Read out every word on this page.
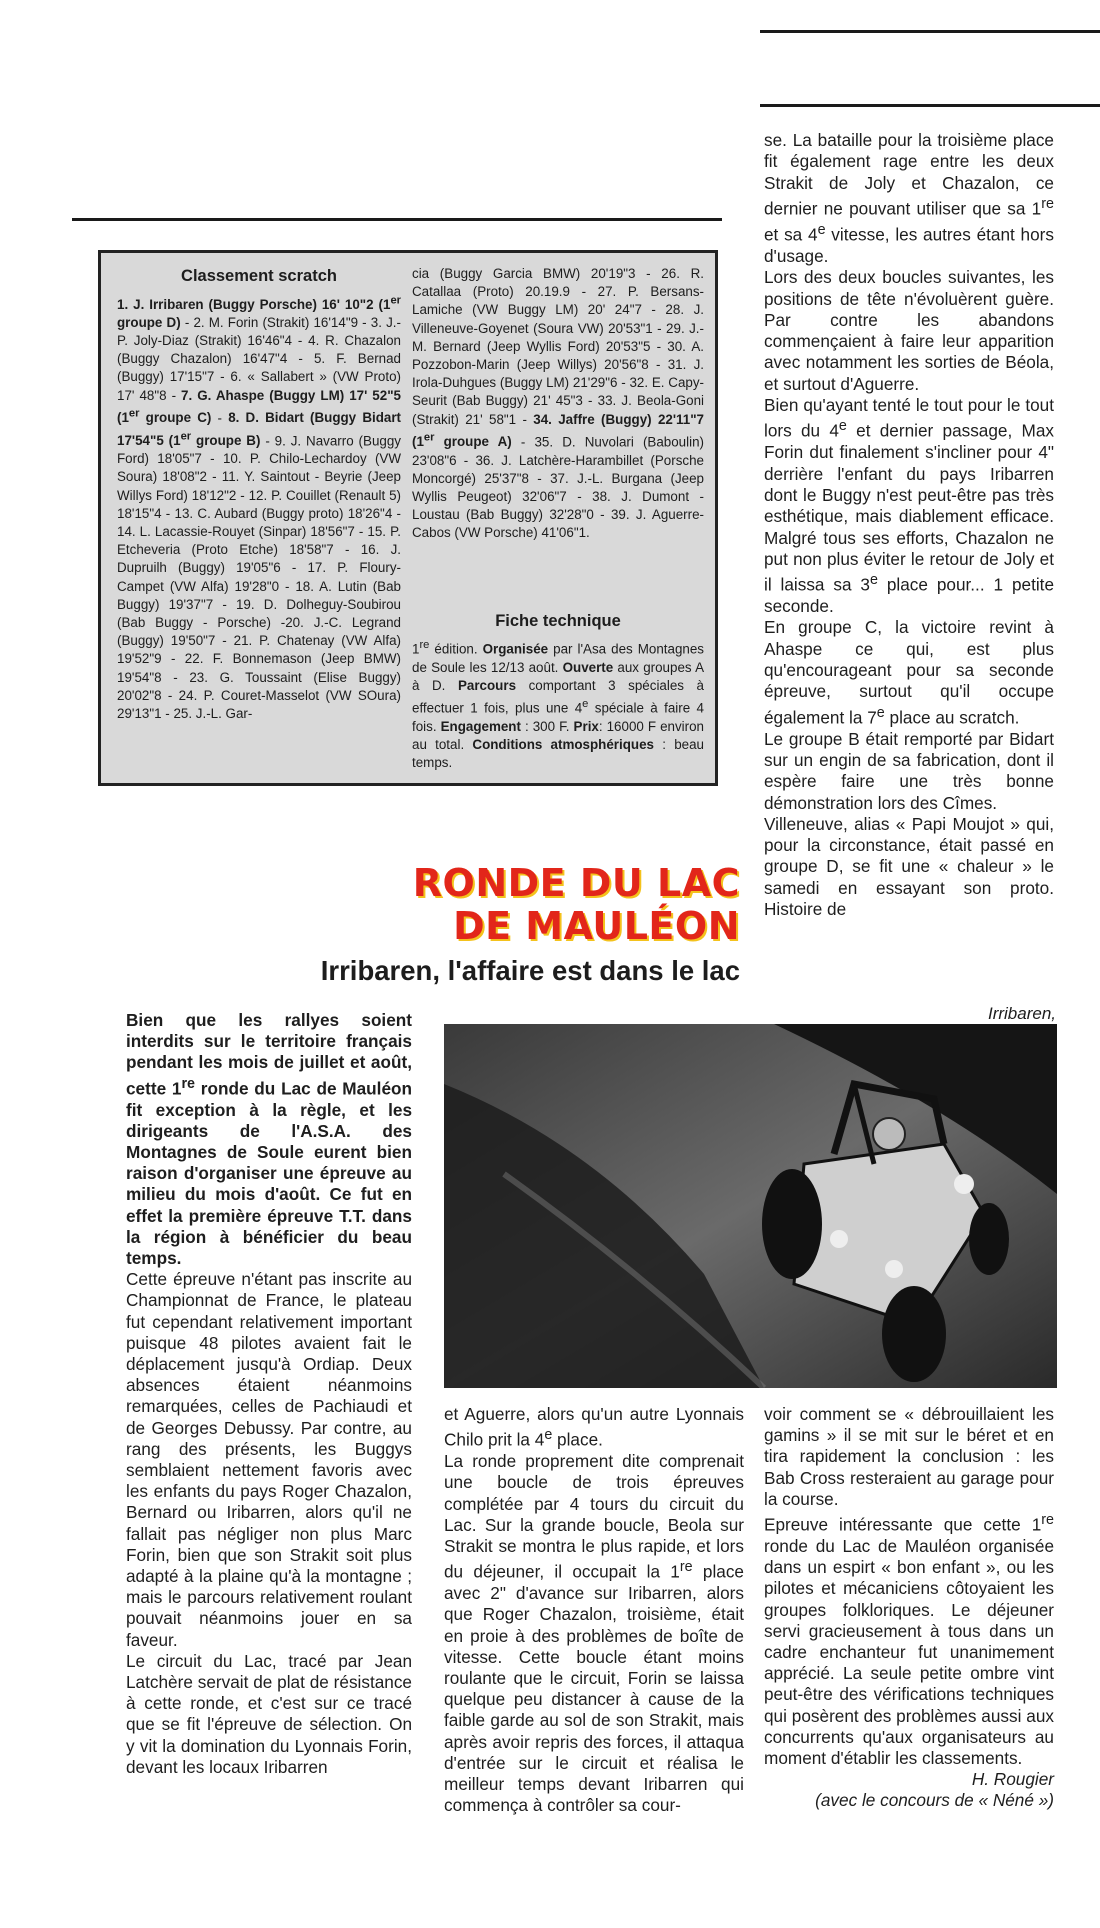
Classement scratch
1. J. Irribaren (Buggy Porsche) 16' 10"2 (1er groupe D) - 2. M. Forin (Strakit) 16'14"9 - 3. J.-P. Joly-Diaz (Strakit) 16'46"4 - 4. R. Chazalon (Buggy Chazalon) 16'47"4 - 5. F. Bernad (Buggy) 17'15"7 - 6. « Sallabert » (VW Proto) 17' 48"8 - 7. G. Ahaspe (Buggy LM) 17' 52"5 (1er groupe C) - 8. D. Bidart (Buggy Bidart 17'54"5 (1er groupe B) - 9. J. Navarro (Buggy Ford) 18'05"7 - 10. P. Chilo-Lechardoy (VW Soura) 18'08"2 - 11. Y. Saintout - Beyrie (Jeep Willys Ford) 18'12"2 - 12. P. Couillet (Renault 5) 18'15"4 - 13. C. Aubard (Buggy proto) 18'26"4 - 14. L. Lacassie-Rouyet (Sinpar) 18'56"7 - 15. P. Etcheveria (Proto Etche) 18'58"7 - 16. J. Dupruilh (Buggy) 19'05"6 - 17. P. Floury-Campet (VW Alfa) 19'28"0 - 18. A. Lutin (Bab Buggy) 19'37"7 - 19. D. Dolheguy-Soubirou (Bab Buggy - Porsche) -20. J.-C. Legrand (Buggy) 19'50"7 - 21. P. Chatenay (VW Alfa) 19'52"9 - 22. F. Bonnemason (Jeep BMW) 19'54"8 - 23. G. Toussaint (Elise Buggy) 20'02"8 - 24. P. Couret-Masselot (VW SOura) 29'13"1 - 25. J.-L. Gar-

se. La bataille pour la troisième place fit également rage entre les deux Strakit de Joly et Chazalon, ce dernier ne pouvant utiliser que sa 1re et sa 4e vitesse, les autres étant hors d'usage.

Lors des deux boucles suivantes, les positions de tête n'évoluèrent guère. Par contre les abandons commençaient à faire leur apparition avec notamment les sorties de Béola, et surtout d'Aguerre.

Bien qu'ayant tenté le tout pour le tout lors du 4e et dernier passage, Max Forin dut finalement s'incliner pour 4" derrière l'enfant du pays Iribarren dont le Buggy n'est peut-être pas très esthétique, mais diablement efficace. Malgré tous ses efforts, Chazalon ne put non plus éviter le retour de Joly et il laissa sa 3e place pour... 1 petite seconde.

En groupe C, la victoire revint à Ahaspe ce qui, est plus qu'encourageant pour sa seconde épreuve, surtout qu'il occupe également la 7e place au scratch.

Le groupe B était remporté par Bidart sur un engin de sa fabrication, dont il espère faire une très bonne démonstration lors des Cîmes.

Villeneuve, alias « Papi Moujot » qui, pour la circonstance, était passé en groupe D, se fit une « chaleur » le samedi en essayant son proto. Histoire de

RONDE DU LAC
DE MAULÉON
Irribaren, l'affaire est dans le lac
Irribaren,

Bien que les rallyes soient interdits sur le territoire français pendant les mois de juillet et août, cette 1re ronde du Lac de Mauléon fit exception à la règle, et les dirigeants de l'A.S.A. des Montagnes de Soule eurent bien raison d'organiser une épreuve au milieu du mois d'août. Ce fut en effet la première épreuve T.T. dans la région à bénéficier du beau temps.

Cette épreuve n'étant pas inscrite au Championnat de France, le plateau fut cependant relativement important puisque 48 pilotes avaient fait le déplacement jusqu'à Ordiap. Deux absences étaient néanmoins remarquées, celles de Pachiaudi et de Georges Debussy. Par contre, au rang des présents, les Buggys semblaient nettement favoris avec les enfants du pays Roger Chazalon, Bernard ou Iribarren, alors qu'il ne fallait pas négliger non plus Marc Forin, bien que son Strakit soit plus adapté à la plaine qu'à la montagne ; mais le parcours relativement roulant pouvait néanmoins jouer en sa faveur.

Le circuit du Lac, tracé par Jean Latchère servait de plat de résistance à cette ronde, et c'est sur ce tracé que se fit l'épreuve de sélection. On y vit la domination du Lyonnais Forin, devant les locaux Iribarren

et Aguerre, alors qu'un autre Lyonnais Chilo prit la 4e place.

La ronde proprement dite comprenait une boucle de trois épreuves complétée par 4 tours du circuit du Lac. Sur la grande boucle, Beola sur Strakit se montra le plus rapide, et lors du déjeuner, il occupait la 1re place avec 2" d'avance sur Iribarren, alors que Roger Chazalon, troisième, était en proie à des problèmes de boîte de vitesse. Cette boucle étant moins roulante que le circuit, Forin se laissa quelque peu distancer à cause de la faible garde au sol de son Strakit, mais après avoir repris des forces, il attaqua d'entrée sur le circuit et réalisa le meilleur temps devant Iribarren qui commença à contrôler sa cour-

voir comment se « débrouillaient les gamins » il se mit sur le béret et en tira rapidement la conclusion : les Bab Cross resteraient au garage pour la course.

Epreuve intéressante que cette 1re ronde du Lac de Mauléon organisée dans un espirt « bon enfant », ou les pilotes et mécaniciens côtoyaient les groupes folkloriques. Le déjeuner servi gracieusement à tous dans un cadre enchanteur fut unanimement apprécié. La seule petite ombre vint peut-être des vérifications techniques qui posèrent des problèmes aussi aux concurrents qu'aux organisateurs au moment d'établir les classements.

H. Rougier
(avec le concours de « Néné »)
cia (Buggy Garcia BMW) 20'19"3 - 26. R. Catallaa (Proto) 20.19.9 - 27. P. Bersans-Lamiche (VW Buggy LM) 20' 24"7 - 28. J. Villeneuve-Goyenet (Soura VW) 20'53"1 - 29. J.-M. Bernard (Jeep Wyllis Ford) 20'53"5 - 30. A. Pozzobon-Marin (Jeep Willys) 20'56"8 - 31. J. Irola-Duhgues (Buggy LM) 21'29"6 - 32. E. Capy-Seurit (Bab Buggy) 21' 45"3 - 33. J. Beola-Goni (Strakit) 21' 58"1 - 34. Jaffre (Buggy) 22'11"7 (1er groupe A) - 35. D. Nuvolari (Baboulin) 23'08"6 - 36. J. Latchère-Harambillet (Porsche Moncorgé) 25'37"8 - 37. J.-L. Burgana (Jeep Wyllis Peugeot) 32'06"7 - 38. J. Dumont - Loustau (Bab Buggy) 32'28"0 - 39. J. Aguerre-Cabos (VW Porsche) 41'06"1.
Fiche technique
1re édition. Organisée par l'Asa des Montagnes de Soule les 12/13 août. Ouverte aux groupes A à D. Parcours comportant 3 spéciales à effectuer 1 fois, plus une 4e spéciale à faire 4 fois. Engagement : 300 F. Prix: 16000 F environ au total. Conditions atmosphériques : beau temps.
